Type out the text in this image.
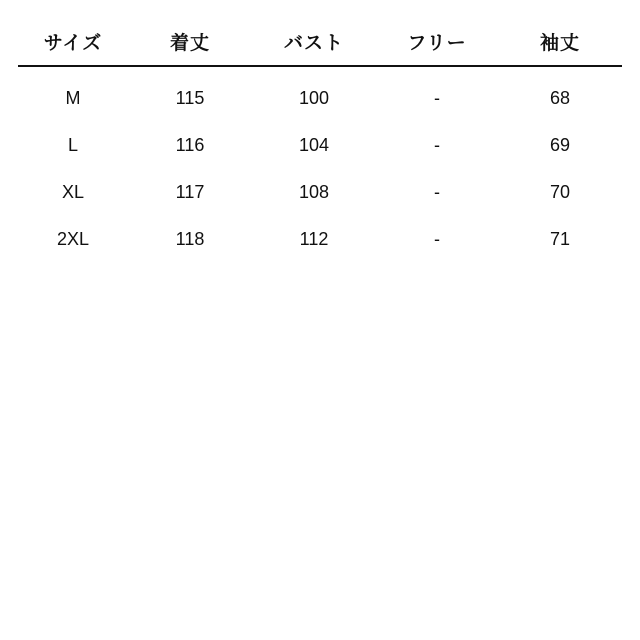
サイズ	着丈	バスト	フリー	袖丈
M	115	100	-	68
L	116	104	-	69
XL	117	108	-	70
2XL	118	112	-	71
